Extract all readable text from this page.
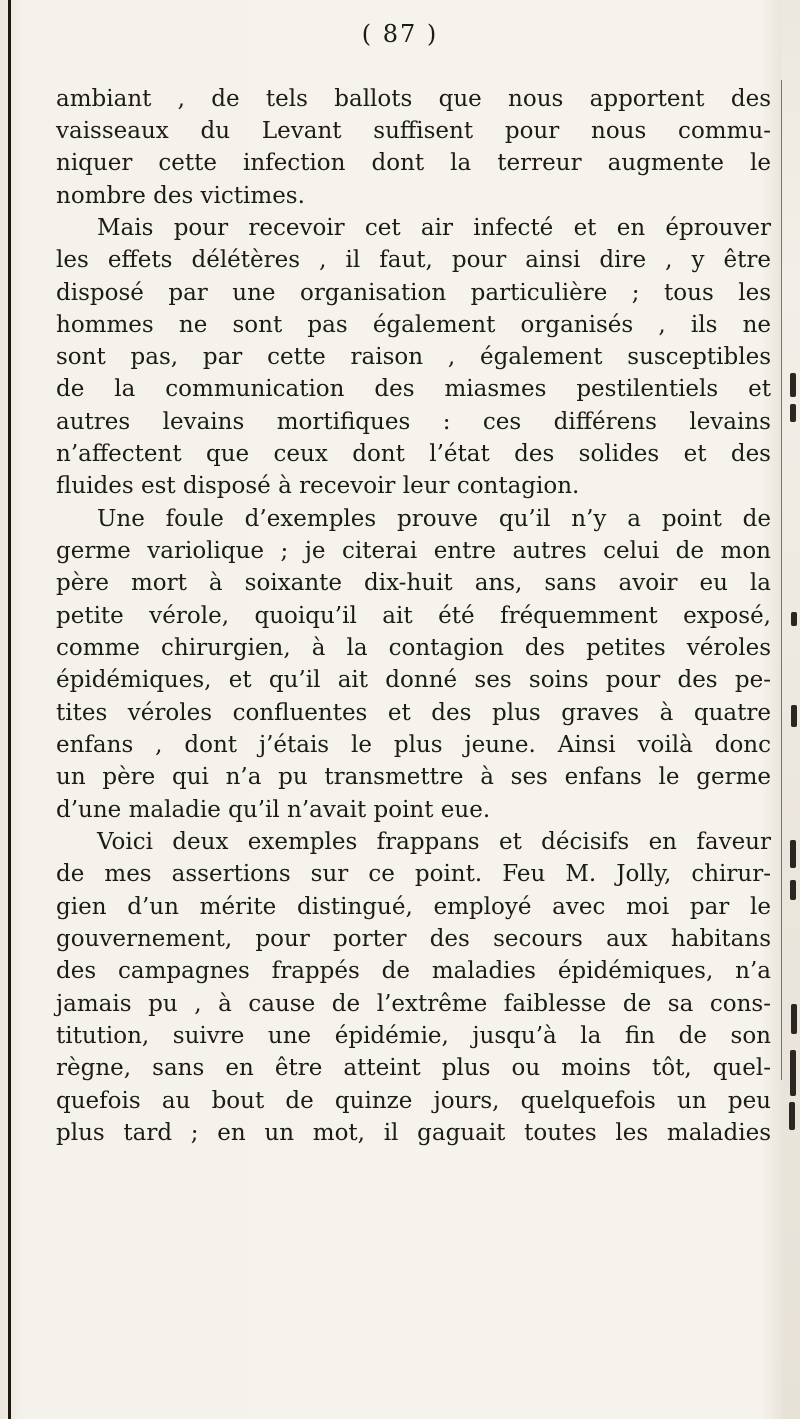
( 87 )
ambiant , de tels ballots que nous apportent des
vaisseaux du Levant suffisent pour nous commu-
niquer cette infection dont la terreur augmente le
nombre des victimes.
Mais pour recevoir cet air infecté et en éprouver
les effets délétères , il faut, pour ainsi dire , y être
disposé par une organisation particulière ; tous les
hommes ne sont pas également organisés , ils ne
sont pas, par cette raison , également susceptibles
de la communication des miasmes pestilentiels et
autres levains mortifiques : ces différens levains
n’affectent que ceux dont l’état des solides et des
fluides est disposé à recevoir leur contagion.
Une foule d’exemples prouve qu’il n’y a point de
germe variolique ; je citerai entre autres celui de mon
père mort à soixante dix-huit ans, sans avoir eu la
petite vérole, quoiqu’il ait été fréquemment exposé,
comme chirurgien, à la contagion des petites véroles
épidémiques, et qu’il ait donné ses soins pour des pe-
tites véroles confluentes et des plus graves à quatre
enfans , dont j’étais le plus jeune. Ainsi voilà donc
un père qui n’a pu transmettre à ses enfans le germe
d’une maladie qu’il n’avait point eue.
Voici deux exemples frappans et décisifs en faveur
de mes assertions sur ce point. Feu M. Jolly, chirur-
gien d’un mérite distingué, employé avec moi par le
gouvernement, pour porter des secours aux habitans
des campagnes frappés de maladies épidémiques, n’a
jamais pu , à cause de l’extrême faiblesse de sa cons-
titution, suivre une épidémie, jusqu’à la fin de son
règne, sans en être atteint plus ou moins tôt, quel-
quefois au bout de quinze jours, quelquefois un peu
plus tard ; en un mot, il gaguait toutes les maladies
